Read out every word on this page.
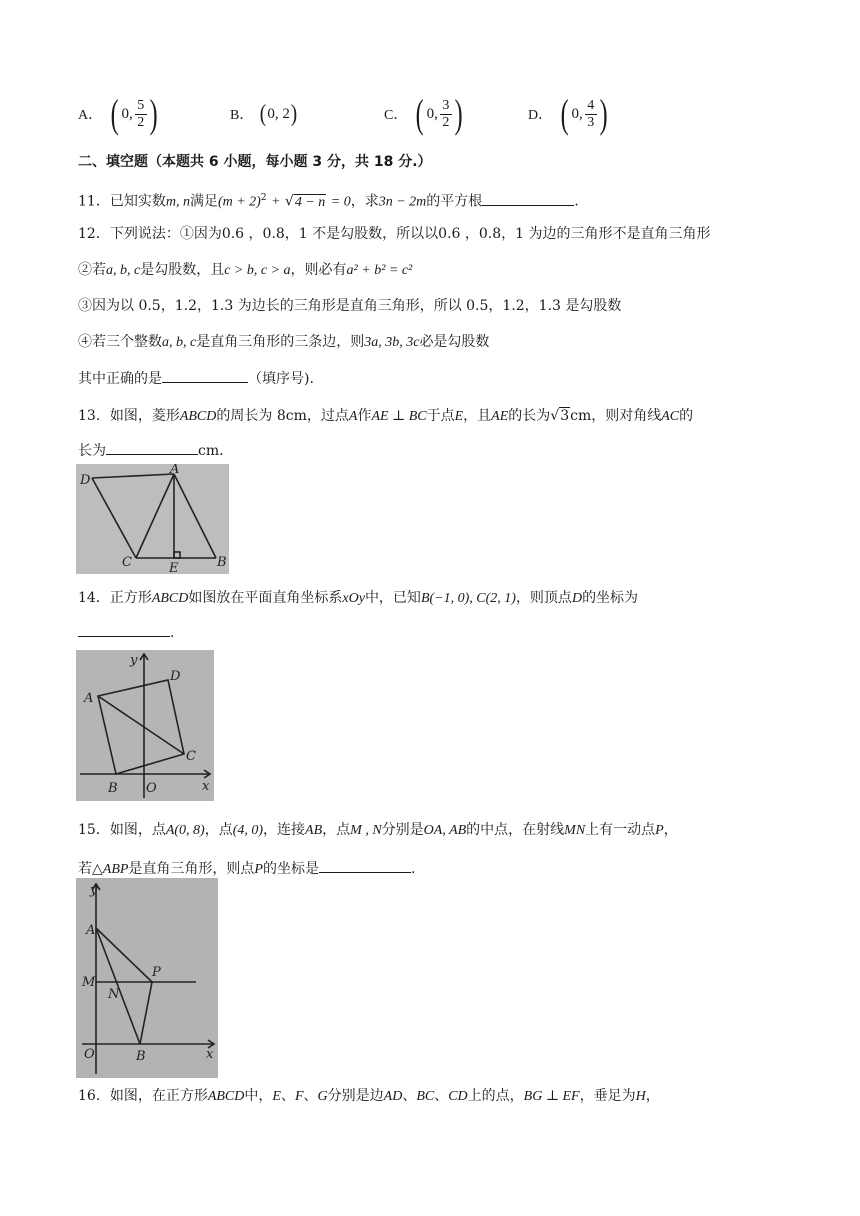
A． ( 0, $\frac{5}{2}$ )	B． ( 0, 2 )	C． ( 0, $\frac{3}{2}$ )	D． ( 0, $\frac{4}{3}$ )
二、填空题（本题共 6 小题，每小题 3 分，共 18 分.）
11．已知实数m, n满足$(m + 2)^2 + √4 - n = 0$，求3n − 2m的平方根	.
12．下列说法：①因为0.6 ，0.8，1 不是勾股数，所以以0.6 ，0.8，1 为边的三角形不是直角三角形
②若a, b, c是勾股数，且c > b, c > a，则必有a² + b² = c²
③因为以 0.5，1.2，1.3 为边长的三角形是直角三角形，所以 0.5，1.2，1.3 是勾股数
④若三个整数a, b, c是直角三角形的三条边，则3a, 3b, 3c必是勾股数
其中正确的是	（填序号).
13．如图，菱形ABCD的周长为 8cm，过点A作AE ⊥ BC于点E，且AE的长为√3cm，则对角线AC的
长为	cm.
D
A
C	E	B
14．正方形ABCD如图放在平面直角坐标系xOy中，已知B(−1, 0), C(2, 1)，则顶点D的坐标为
.
y
A
D
C
B O	x
15．如图，点A(0, 8)，点(4, 0)，连接AB，点M , N分别是OA, AB的中点，在射线MN上有一动点P，
若△ABP是直角三角形，则点P的坐标是	.
y
A
M
N
P
O	B	x
16．如图，在正方形ABCD中，E、F、G分别是边AD、BC、CD上的点，BG ⊥ EF，垂足为H，
